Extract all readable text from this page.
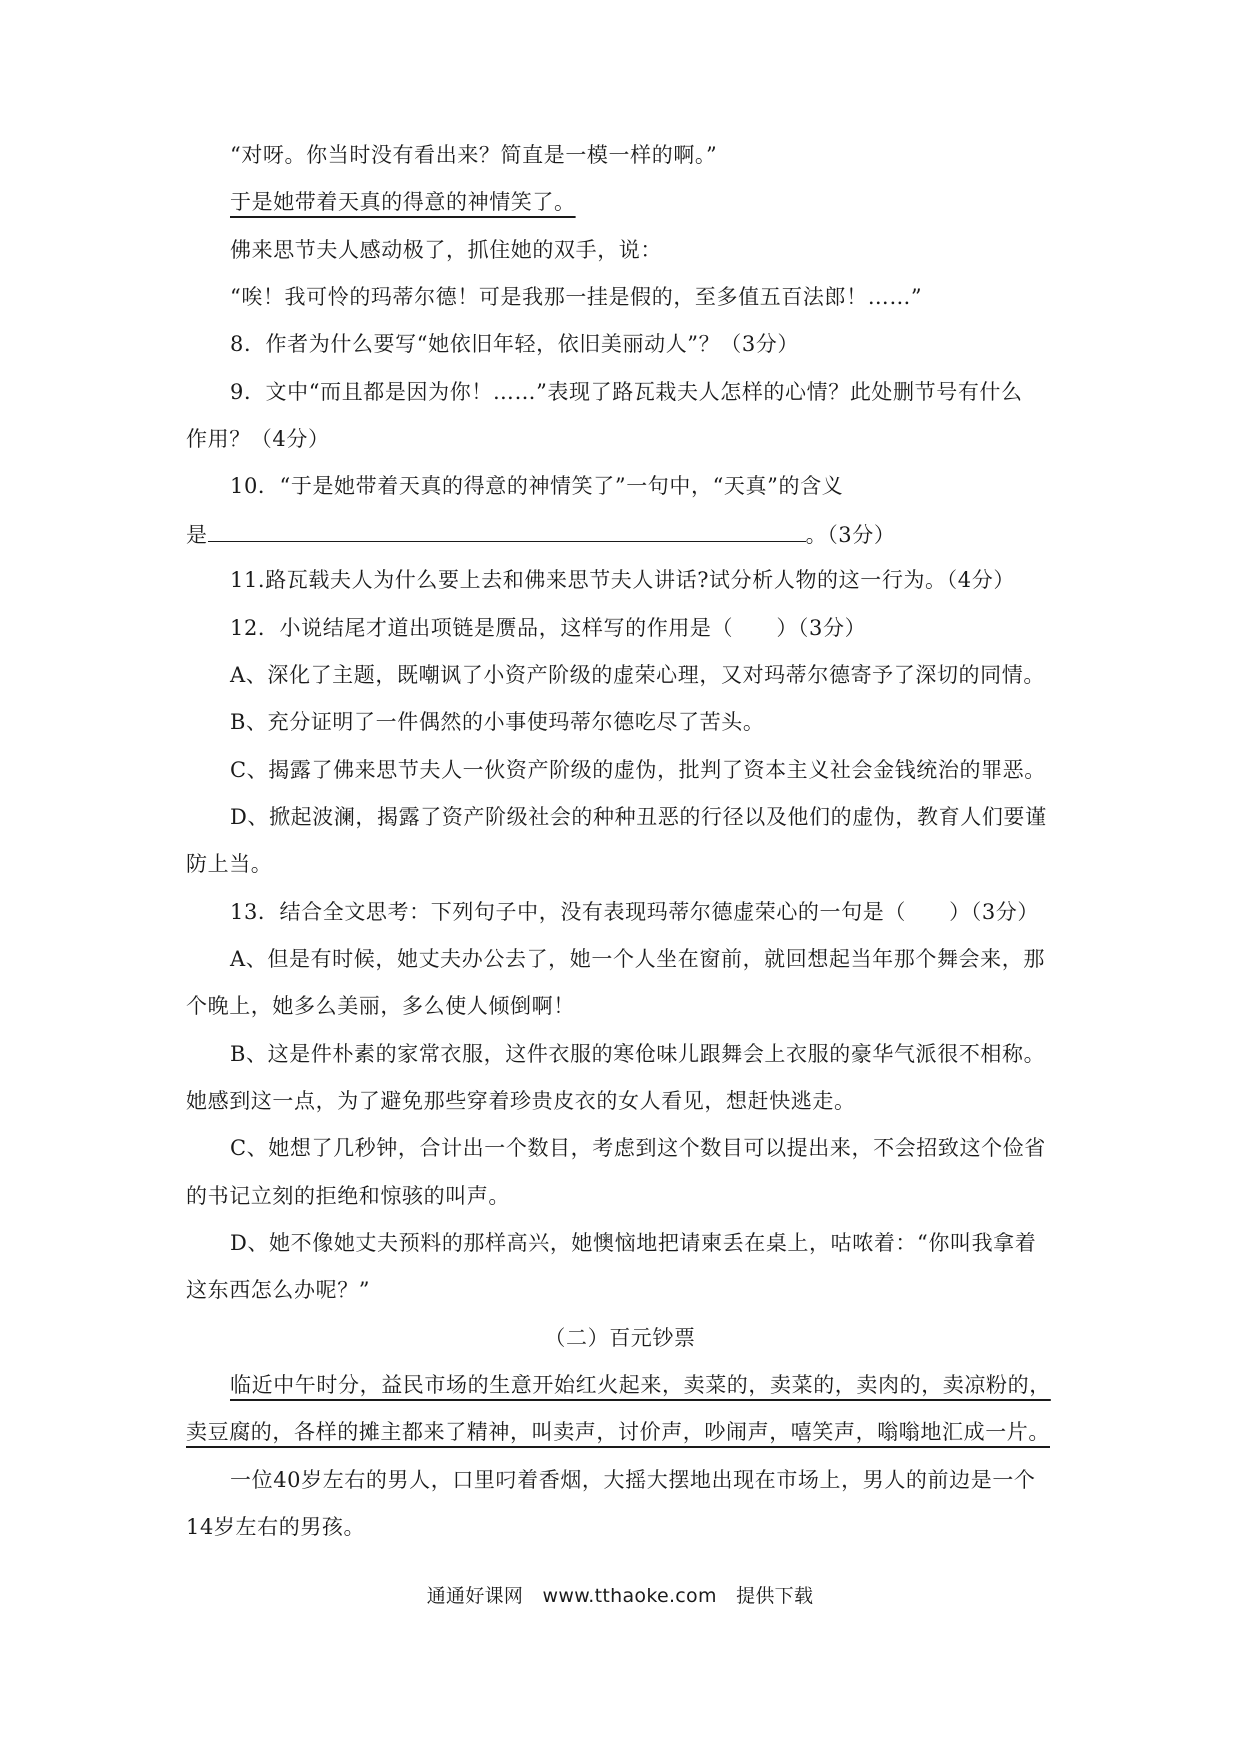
“对呀。你当时没有看出来？简直是一模一样的啊。”
于是她带着天真的得意的神情笑了。
佛来思节夫人感动极了，抓住她的双手，说：
“唉！我可怜的玛蒂尔德！可是我那一挂是假的，至多值五百法郎！……”
8．作者为什么要写“她依旧年轻，依旧美丽动人”？（3分）
9．文中“而且都是因为你！……”表现了路瓦栽夫人怎样的心情？此处删节号有什么
作用？（4分）
10．“于是她带着天真的得意的神情笑了”一句中，“天真”的含义
是	。（3分）
11.路瓦载夫人为什么要上去和佛来思节夫人讲话?试分析人物的这一行为。（4分）
12．小说结尾才道出项链是赝品，这样写的作用是（　　）（3分）
A、深化了主题，既嘲讽了小资产阶级的虚荣心理，又对玛蒂尔德寄予了深切的同情。
B、充分证明了一件偶然的小事使玛蒂尔德吃尽了苦头。
C、揭露了佛来思节夫人一伙资产阶级的虚伪，批判了资本主义社会金钱统治的罪恶。
D、掀起波澜，揭露了资产阶级社会的种种丑恶的行径以及他们的虚伪，教育人们要谨
防上当。
13．结合全文思考：下列句子中，没有表现玛蒂尔德虚荣心的一句是（　　）（3分）
A、但是有时候，她丈夫办公去了，她一个人坐在窗前，就回想起当年那个舞会来，那
个晚上，她多么美丽，多么使人倾倒啊！
B、这是件朴素的家常衣服，这件衣服的寒伧味儿跟舞会上衣服的豪华气派很不相称。
她感到这一点，为了避免那些穿着珍贵皮衣的女人看见，想赶快逃走。
C、她想了几秒钟，合计出一个数目，考虑到这个数目可以提出来，不会招致这个俭省
的书记立刻的拒绝和惊骇的叫声。
D、她不像她丈夫预料的那样高兴，她懊恼地把请柬丢在桌上，咕哝着：“你叫我拿着
这东西怎么办呢？”
（二）百元钞票
临近中午时分，益民市场的生意开始红火起来，卖菜的，卖菜的，卖肉的，卖凉粉的，
卖豆腐的，各样的摊主都来了精神，叫卖声，讨价声，吵闹声，嘻笑声，嗡嗡地汇成一片。
一位40岁左右的男人，口里叼着香烟，大摇大摆地出现在市场上，男人的前边是一个
14岁左右的男孩。
通通好课网　www.tthaoke.com　提供下载
